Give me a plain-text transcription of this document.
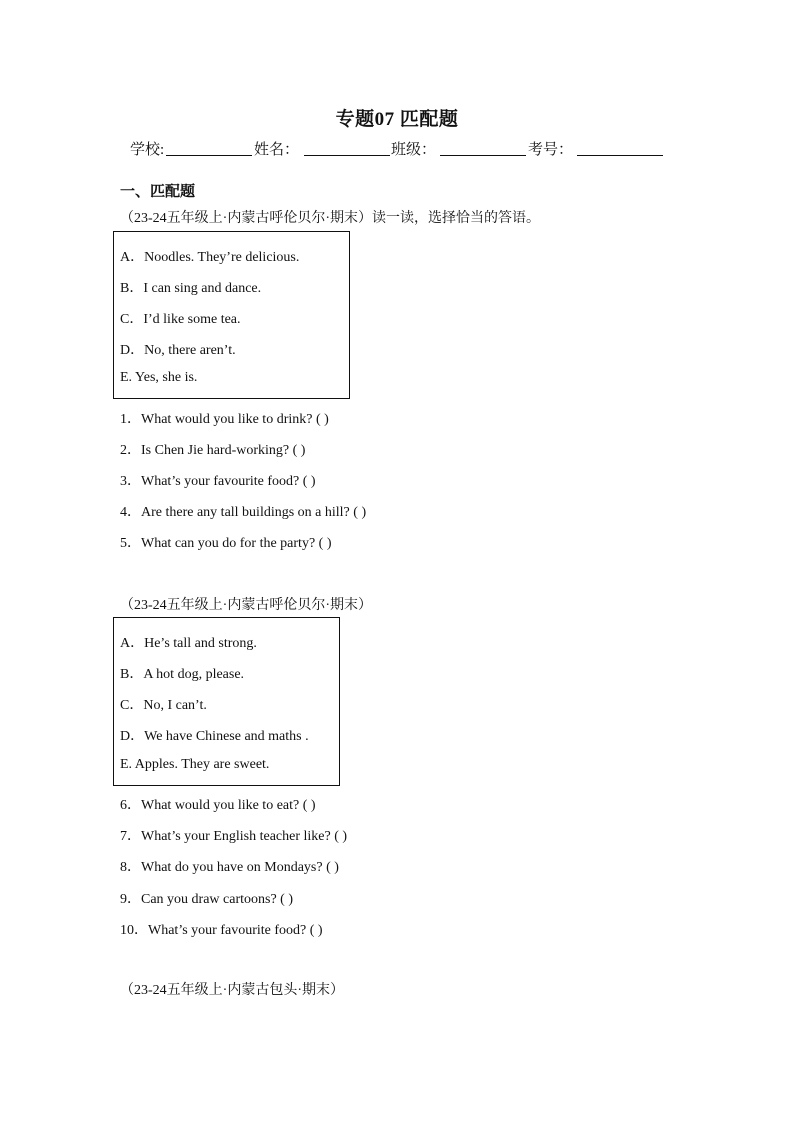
专题07 匹配题
学校:	姓名：	班级：	考号：
一、匹配题
（23-24五年级上·内蒙古呼伦贝尔·期末）读一读，选择恰当的答语。
A．Noodles. They’re delicious.
B．I can sing and dance.
C．I’d like some tea.
D．No, there aren’t.
E. Yes, she is.
1．What would you like to drink? ( )
2．Is Chen Jie hard-working? ( )
3．What’s your favourite food? ( )
4．Are there any tall buildings on a hill? ( )
5．What can you do for the party? ( )
（23-24五年级上·内蒙古呼伦贝尔·期末）
A．He’s tall and strong.
B．A hot dog, please.
C．No, I can’t.
D．We have Chinese and maths .
E. Apples. They are sweet.
6．What would you like to eat? ( )
7．What’s your English teacher like? ( )
8．What do you have on Mondays? ( )
9．Can you draw cartoons? ( )
10．What’s your favourite food? ( )
（23-24五年级上·内蒙古包头·期末）
